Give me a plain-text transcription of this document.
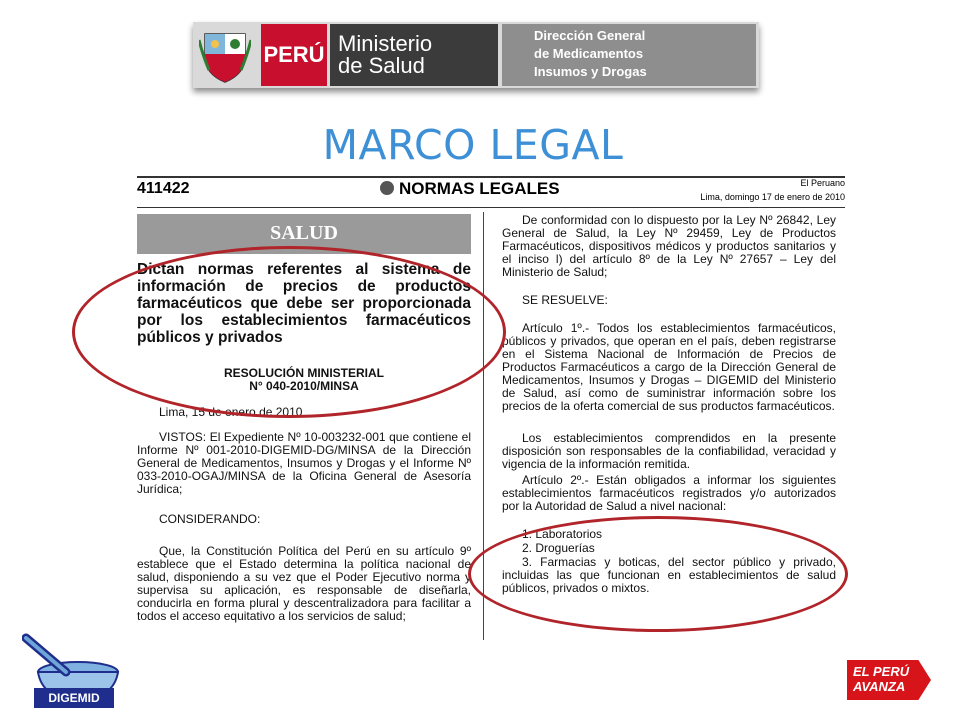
PERÚ Ministerio
de Salud
Dirección General
de Medicamentos
Insumos y Drogas
MARCO LEGAL
411422	NORMAS LEGALES	El Peruano
Lima, domingo 17 de enero de 2010
SALUD
Dictan normas referentes al sistema de información de precios de productos farmacéuticos que debe ser proporcionada por los establecimientos farmacéuticos públicos y privados
RESOLUCIÓN MINISTERIAL
N° 040-2010/MINSA
Lima, 15 de enero de 2010
VISTOS: El Expediente Nº 10-003232-001 que contiene el Informe Nº 001-2010-DIGEMID-DG/MINSA de la Dirección General de Medicamentos, Insumos y Drogas y el Informe Nº 033-2010-OGAJ/MINSA de la Oficina General de Asesoría Jurídica;
CONSIDERANDO:
Que, la Constitución Política del Perú en su artículo 9º establece que el Estado determina la política nacional de salud, disponiendo a su vez que el Poder Ejecutivo norma y supervisa su aplicación, es responsable de diseñarla, conducirla en forma plural y descentralizadora para facilitar a todos el acceso equitativo a los servicios de salud;
De conformidad con lo dispuesto por la Ley Nº 26842, Ley General de Salud, la Ley Nº 29459, Ley de Productos Farmacéuticos, dispositivos médicos y productos sanitarios y el inciso l) del artículo 8º de la Ley Nº 27657 – Ley del Ministerio de Salud;
SE RESUELVE:
Artículo 1º.- Todos los establecimientos farmacéuticos, públicos y privados, que operan en el país, deben registrarse en el Sistema Nacional de Información de Precios de Productos Farmacéuticos a cargo de la Dirección General de Medicamentos, Insumos y Drogas – DIGEMID del Ministerio de Salud, así como de suministrar información sobre los precios de la oferta comercial de sus productos farmacéuticos.
Los establecimientos comprendidos en la presente disposición son responsables de la confiabilidad, veracidad y vigencia de la información remitida.
Artículo 2º.- Están obligados a informar los siguientes establecimientos farmacéuticos registrados y/o autorizados por la Autoridad de Salud a nivel nacional:
1. Laboratorios
2. Droguerías
3. Farmacias y boticas, del sector público y privado, incluidas las que funcionan en establecimientos de salud públicos, privados o mixtos.
DIGEMID
EL PERÚ
AVANZA
